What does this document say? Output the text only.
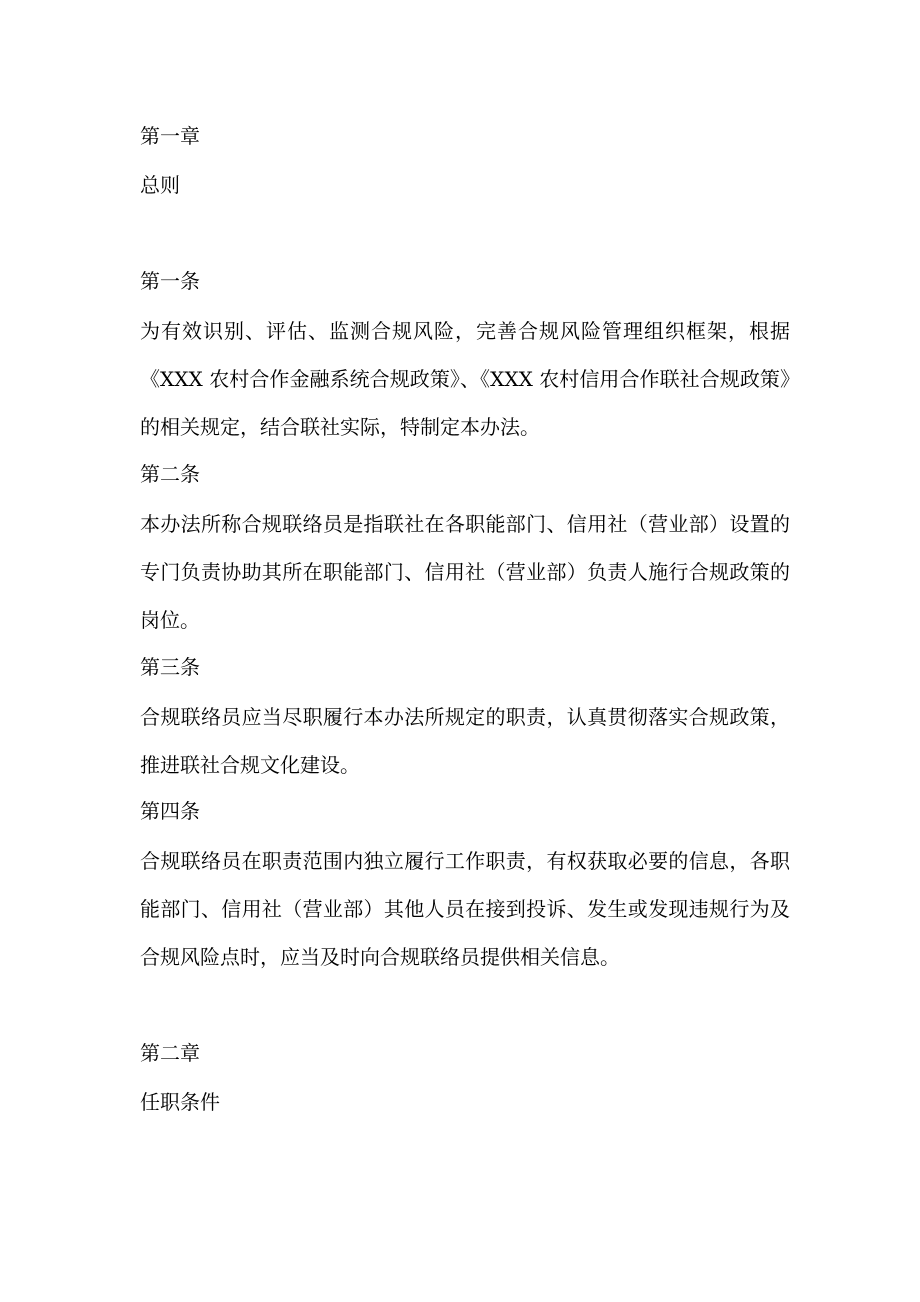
第一章
总则
第一条
为有效识别、评估、监测合规风险，完善合规风险管理组织框架，根据《XXX 农村合作金融系统合规政策》、《XXX 农村信用合作联社合规政策》的相关规定，结合联社实际，特制定本办法。
第二条
本办法所称合规联络员是指联社在各职能部门、信用社（营业部）设置的专门负责协助其所在职能部门、信用社（营业部）负责人施行合规政策的岗位。
第三条
合规联络员应当尽职履行本办法所规定的职责，认真贯彻落实合规政策，推进联社合规文化建设。
第四条
合规联络员在职责范围内独立履行工作职责，有权获取必要的信息，各职能部门、信用社（营业部）其他人员在接到投诉、发生或发现违规行为及合规风险点时，应当及时向合规联络员提供相关信息。
第二章
任职条件
